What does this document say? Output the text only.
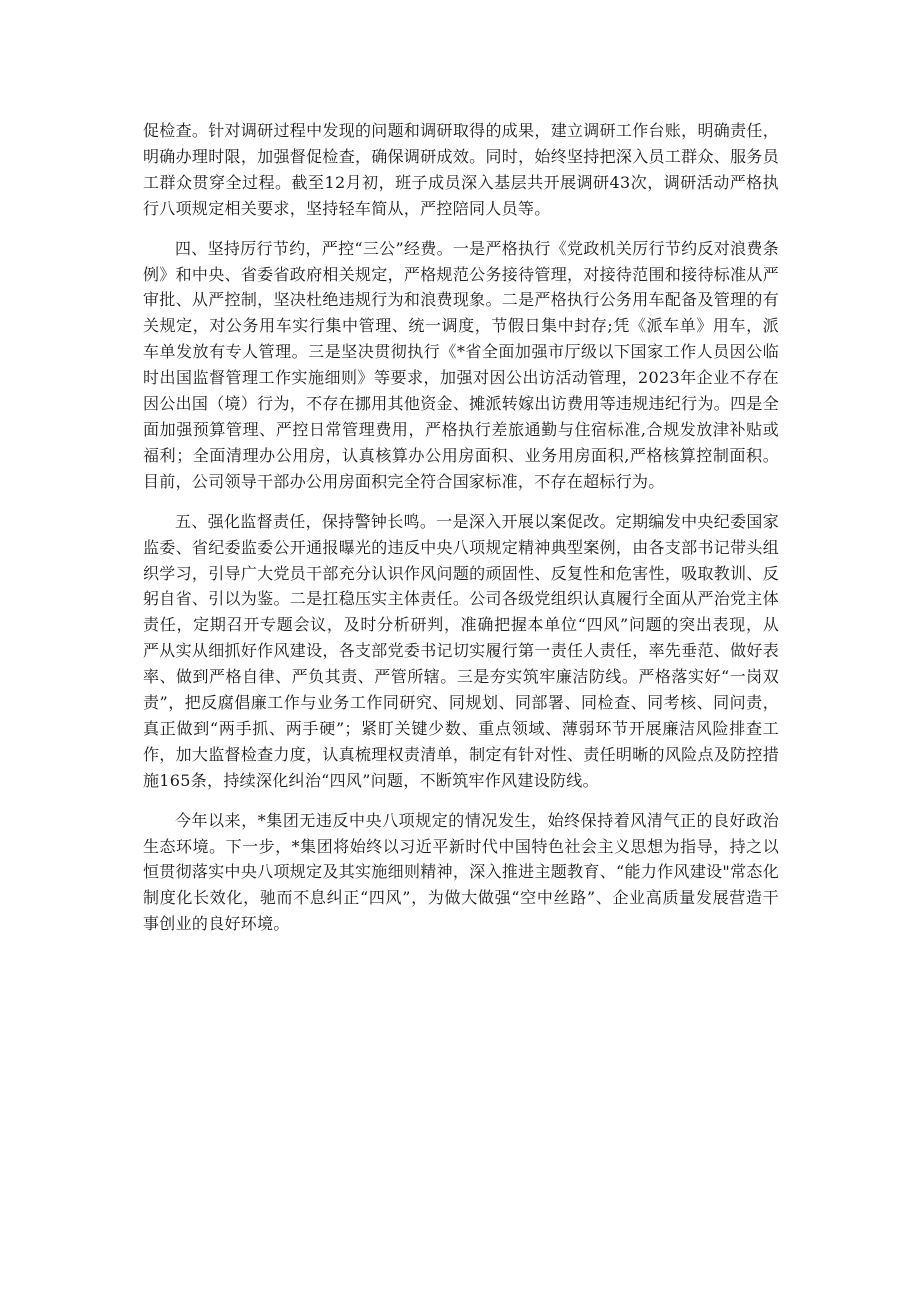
促检查。针对调研过程中发现的问题和调研取得的成果，建立调研工作台账，明确责任，明确办理时限，加强督促检查，确保调研成效。同时，始终坚持把深入员工群众、服务员工群众贯穿全过程。截至12月初，班子成员深入基层共开展调研43次，调研活动严格执行八项规定相关要求，坚持轻车简从，严控陪同人员等。

四、坚持厉行节约，严控“三公”经费。一是严格执行《党政机关厉行节约反对浪费条例》和中央、省委省政府相关规定，严格规范公务接待管理，对接待范围和接待标准从严审批、从严控制，坚决杜绝违规行为和浪费现象。二是严格执行公务用车配备及管理的有关规定，对公务用车实行集中管理、统一调度，节假日集中封存;凭《派车单》用车，派车单发放有专人管理。三是坚决贯彻执行《*省全面加强市厅级以下国家工作人员因公临时出国监督管理工作实施细则》等要求，加强对因公出访活动管理，2023年企业不存在因公出国（境）行为，不存在挪用其他资金、摊派转嫁出访费用等违规违纪行为。四是全面加强预算管理、严控日常管理费用，严格执行差旅通勤与住宿标准,合规发放津补贴或福利；全面清理办公用房，认真核算办公用房面积、业务用房面积,严格核算控制面积。目前，公司领导干部办公用房面积完全符合国家标准，不存在超标行为。

五、强化监督责任，保持警钟长鸣。一是深入开展以案促改。定期编发中央纪委国家监委、省纪委监委公开通报曝光的违反中央八项规定精神典型案例，由各支部书记带头组织学习，引导广大党员干部充分认识作风问题的顽固性、反复性和危害性，吸取教训、反躬自省、引以为鉴。二是扛稳压实主体责任。公司各级党组织认真履行全面从严治党主体责任，定期召开专题会议，及时分析研判，准确把握本单位“四风”问题的突出表现，从严从实从细抓好作风建设，各支部党委书记切实履行第一责任人责任，率先垂范、做好表率、做到严格自律、严负其责、严管所辖。三是夯实筑牢廉洁防线。严格落实好“一岗双责”，把反腐倡廉工作与业务工作同研究、同规划、同部署、同检查、同考核、同问责，真正做到“两手抓、两手硬”；紧盯关键少数、重点领域、薄弱环节开展廉洁风险排查工作，加大监督检查力度，认真梳理权责清单，制定有针对性、责任明晰的风险点及防控措施165条，持续深化纠治“四风”问题，不断筑牢作风建设防线。

今年以来，*集团无违反中央八项规定的情况发生，始终保持着风清气正的良好政治生态环境。下一步，*集团将始终以习近平新时代中国特色社会主义思想为指导，持之以恒贯彻落实中央八项规定及其实施细则精神，深入推进主题教育、“能力作风建设"常态化制度化长效化，驰而不息纠正“四风”，为做大做强“空中丝路”、企业高质量发展营造干事创业的良好环境。
